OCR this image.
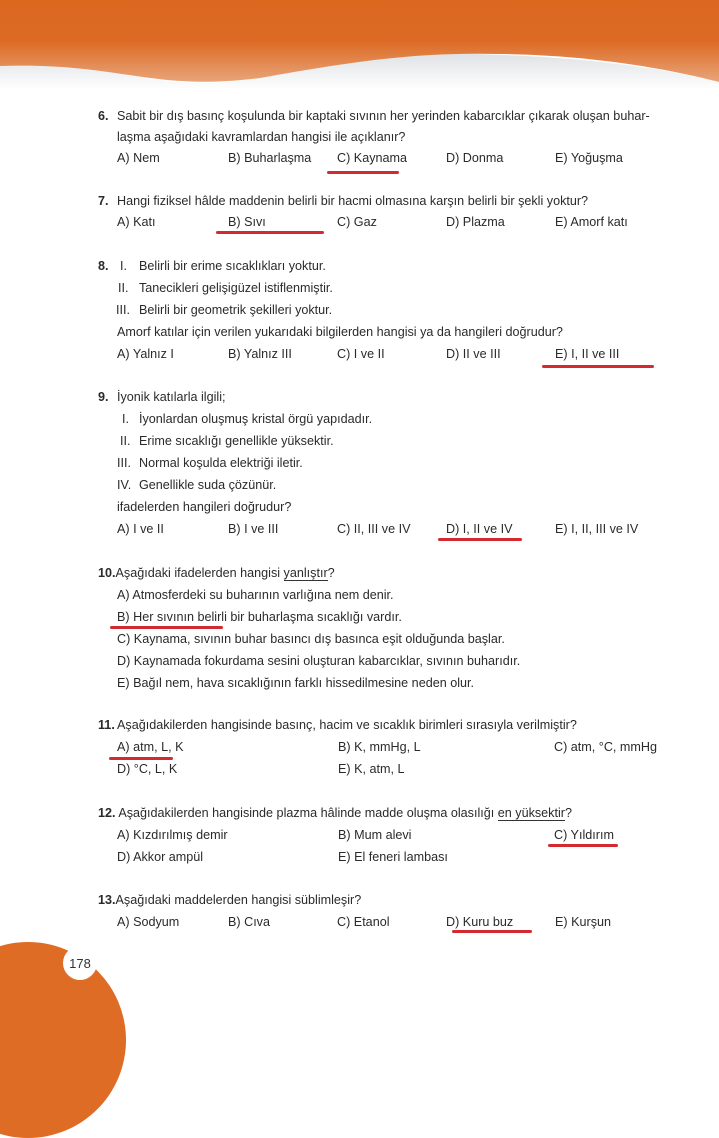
6. Sabit bir dış basınç koşulunda bir kaptaki sıvının her yerinden kabarcıklar çıkarak oluşan buhar-
laşma aşağıdaki kavramlardan hangisi ile açıklanır?
A) Nem	B) Buharlaşma C) Kaynama	D) Donma	E) Yoğuşma
7. Hangi fiziksel hâlde maddenin belirli bir hacmi olmasına karşın belirli bir şekli yoktur?
A) Katı	B) Sıvı	C) Gaz	D) Plazma	E) Amorf katı
8. I. Belirli bir erime sıcaklıkları yoktur.
II. Tanecikleri gelişigüzel istiflenmiştir.
III. Belirli bir geometrik şekilleri yoktur.
Amorf katılar için verilen yukarıdaki bilgilerden hangisi ya da hangileri doğrudur?
A) Yalnız I	B) Yalnız III	C) I ve II	D) II ve III	E) I, II ve III
9. İyonik katılarla ilgili;
I. İyonlardan oluşmuş kristal örgü yapıdadır.
II. Erime sıcaklığı genellikle yüksektir.
III. Normal koşulda elektriği iletir.
IV. Genellikle suda çözünür.
ifadelerden hangileri doğrudur?
A) I ve II	B) I ve III	C) II, III ve IV	D) I, II ve IV	E) I, II, III ve IV
10.Aşağıdaki ifadelerden hangisi yanlıştır?
A) Atmosferdeki su buharının varlığına nem denir.
B) Her sıvının belirli bir buharlaşma sıcaklığı vardır.
C) Kaynama, sıvının buhar basıncı dış basınca eşit olduğunda başlar.
D) Kaynamada fokurdama sesini oluşturan kabarcıklar, sıvının buharıdır.
E) Bağıl nem, hava sıcaklığının farklı hissedilmesine neden olur.
11. Aşağıdakilerden hangisinde basınç, hacim ve sıcaklık birimleri sırasıyla verilmiştir?
A) atm, L, K	B) K, mmHg, L	C) atm, °C, mmHg
D) °C, L, K	E) K, atm, L
12. Aşağıdakilerden hangisinde plazma hâlinde madde oluşma olasılığı en yüksektir?
A) Kızdırılmış demir	B) Mum alevi	C) Yıldırım
D) Akkor ampül	E) El feneri lambası
13.Aşağıdaki maddelerden hangisi süblimleşir?
A) Sodyum	B) Cıva	C) Etanol	D) Kuru buz	E) Kurşun
178
